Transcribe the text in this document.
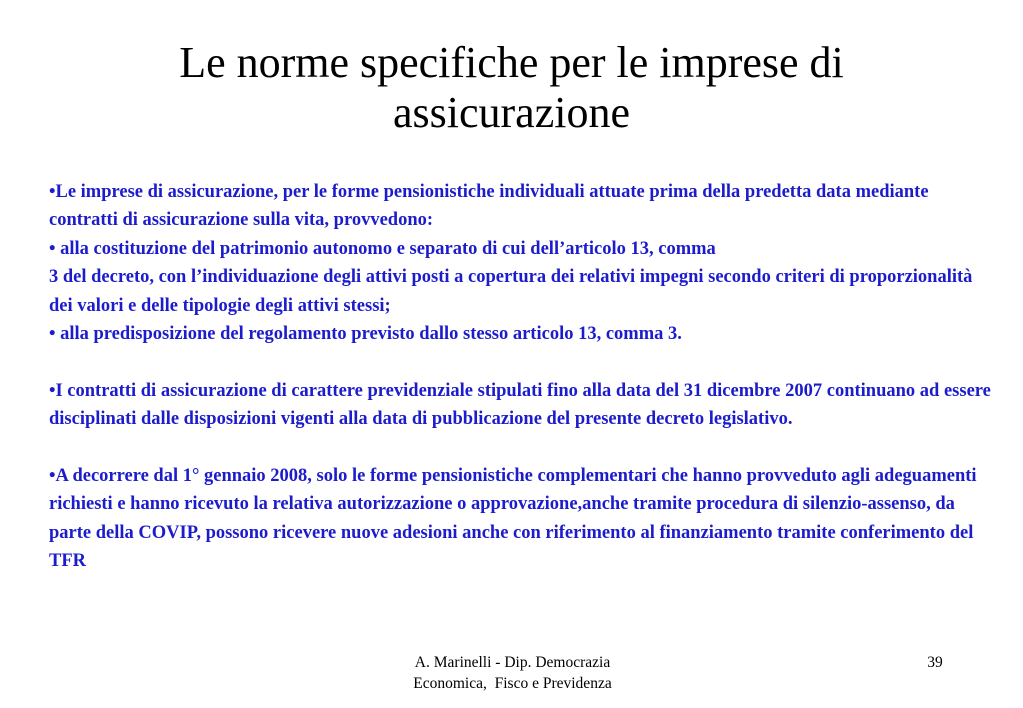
Le norme specifiche per le imprese di
assicurazione

•Le imprese di assicurazione, per le forme pensionistiche individuali attuate prima della predetta data mediante contratti di assicurazione sulla vita, provvedono:

• alla costituzione del patrimonio autonomo e separato di cui dell’articolo 13, comma

3 del decreto, con l’individuazione degli attivi posti a copertura dei relativi impegni secondo criteri di proporzionalità dei valori e delle tipologie degli attivi stessi;

• alla predisposizione del regolamento previsto dallo stesso articolo 13, comma 3.

•I contratti di assicurazione di carattere previdenziale stipulati fino alla data del 31 dicembre 2007 continuano ad essere disciplinati dalle disposizioni vigenti alla data di pubblicazione del presente decreto legislativo.

•A decorrere dal 1° gennaio 2008, solo le forme pensionistiche complementari che hanno provveduto agli adeguamenti richiesti e hanno ricevuto la relativa autorizzazione o approvazione,anche tramite procedura di silenzio-assenso, da parte della COVIP, possono ricevere nuove adesioni anche con riferimento al finanziamento tramite conferimento del TFR

A. Marinelli - Dip. Democrazia
Economica,  Fisco e Previdenza
39
